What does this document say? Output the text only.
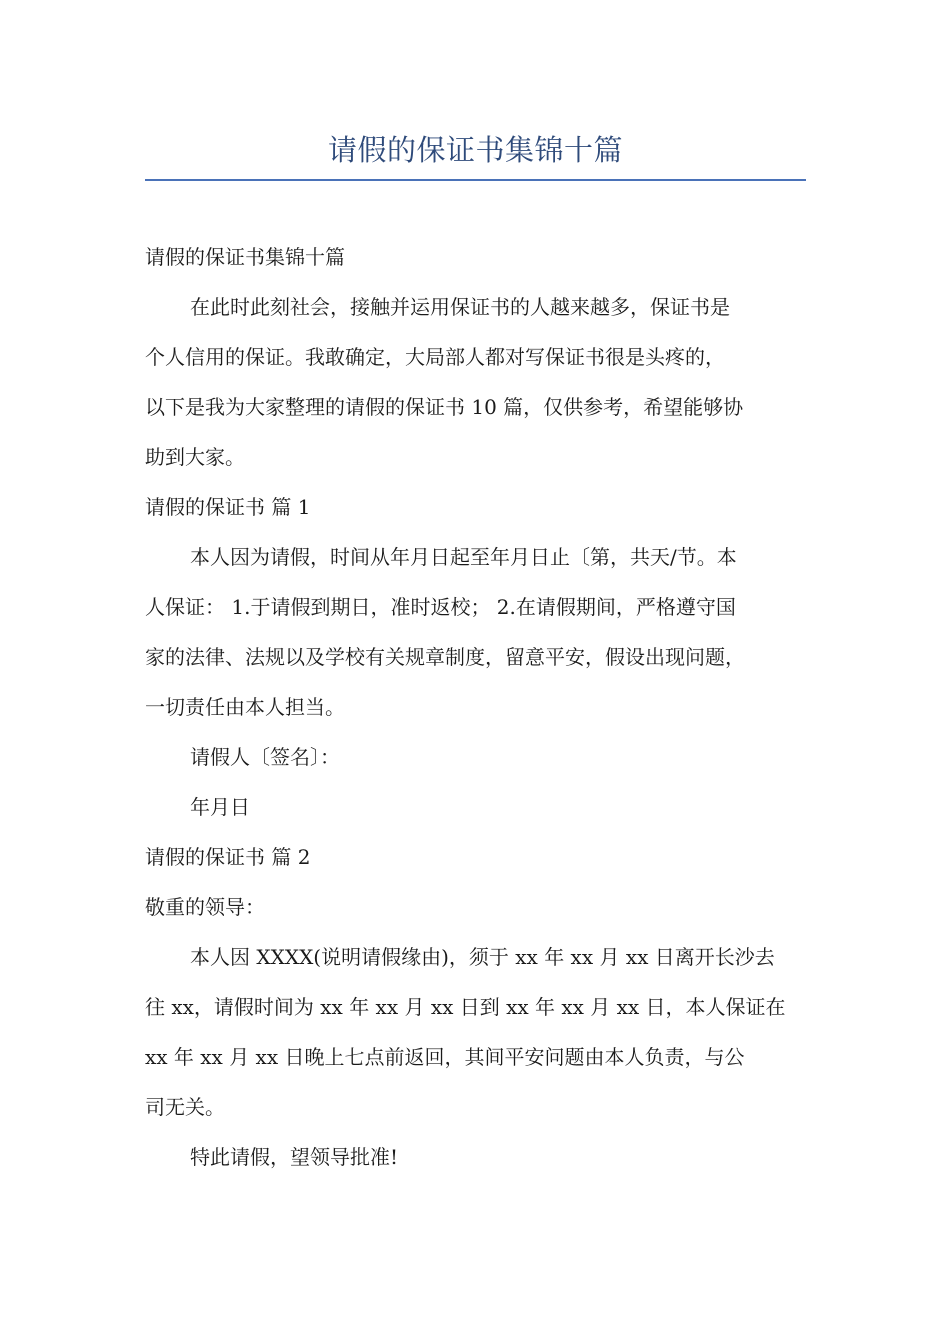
请假的保证书集锦十篇

请假的保证书集锦十篇

在此时此刻社会，接触并运用保证书的人越来越多，保证书是

个人信用的保证。我敢确定，大局部人都对写保证书很是头疼的，

以下是我为大家整理的请假的保证书 10 篇，仅供参考，希望能够协

助到大家。

请假的保证书 篇 1

本人因为请假，时间从年月日起至年月日止〔第，共天/节。本

人保证： 1.于请假到期日，准时返校； 2.在请假期间，严格遵守国

家的法律、法规以及学校有关规章制度，留意平安，假设出现问题，

一切责任由本人担当。

请假人〔签名〕：

年月日

请假的保证书 篇 2

敬重的领导：

本人因 XXXX(说明请假缘由)，须于 xx 年 xx 月 xx 日离开长沙去

往 xx，请假时间为 xx 年 xx 月 xx 日到 xx 年 xx 月 xx 日，本人保证在

xx 年 xx 月 xx 日晚上七点前返回，其间平安问题由本人负责，与公

司无关。

特此请假，望领导批准!
